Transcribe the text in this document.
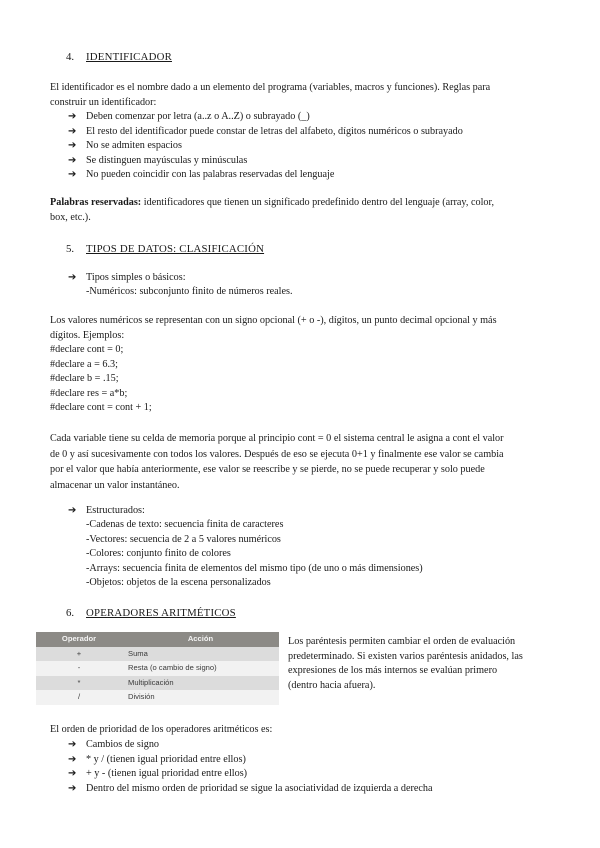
4. IDENTIFICADOR
El identificador es el nombre dado a un elemento del programa (variables, macros y funciones). Reglas para
construir un identificador:
➔ Deben comenzar por letra (a..z o A..Z) o subrayado (_)
➔ El resto del identificador puede constar de letras del alfabeto, dígitos numéricos o subrayado
➔ No se admiten espacios
➔ Se distinguen mayúsculas y minúsculas
➔ No pueden coincidir con las palabras reservadas del lenguaje
Palabras reservadas: identificadores que tienen un significado predefinido dentro del lenguaje (array, color,
box, etc.).
5. TIPOS DE DATOS: CLASIFICACIÓN
➔ Tipos simples o básicos:
-Numéricos: subconjunto finito de números reales.
Los valores numéricos se representan con un signo opcional (+ o -), dígitos, un punto decimal opcional y más
dígitos. Ejemplos:
#declare cont = 0;
#declare a = 6.3;
#declare b = .15;
#declare res = a*b;
#declare cont = cont + 1;
Cada variable tiene su celda de memoria porque al principio cont = 0 el sistema central le asigna a cont el valor
de 0 y así sucesivamente con todos los valores. Después de eso se ejecuta 0+1 y finalmente ese valor se cambia
por el valor que había anteriormente, ese valor se reescribe y se pierde, no se puede recuperar y solo puede
almacenar un valor instantáneo.
➔ Estructurados:
-Cadenas de texto: secuencia finita de caracteres
-Vectores: secuencia de 2 a 5 valores numéricos
-Colores: conjunto finito de colores
-Arrays: secuencia finita de elementos del mismo tipo (de uno o más dimensiones)
-Objetos: objetos de la escena personalizados
6. OPERADORES ARITMÉTICOS
Operador	Acción
+	Suma
-	Resta (o cambio de signo)
*	Multiplicación
/	División
Los paréntesis permiten cambiar el orden de evaluación
predeterminado. Si existen varios paréntesis anidados, las
expresiones de los más internos se evalúan primero
(dentro hacia afuera).
El orden de prioridad de los operadores aritméticos es:
➔ Cambios de signo
➔ * y / (tienen igual prioridad entre ellos)
➔ + y - (tienen igual prioridad entre ellos)
➔ Dentro del mismo orden de prioridad se sigue la asociatividad de izquierda a derecha
